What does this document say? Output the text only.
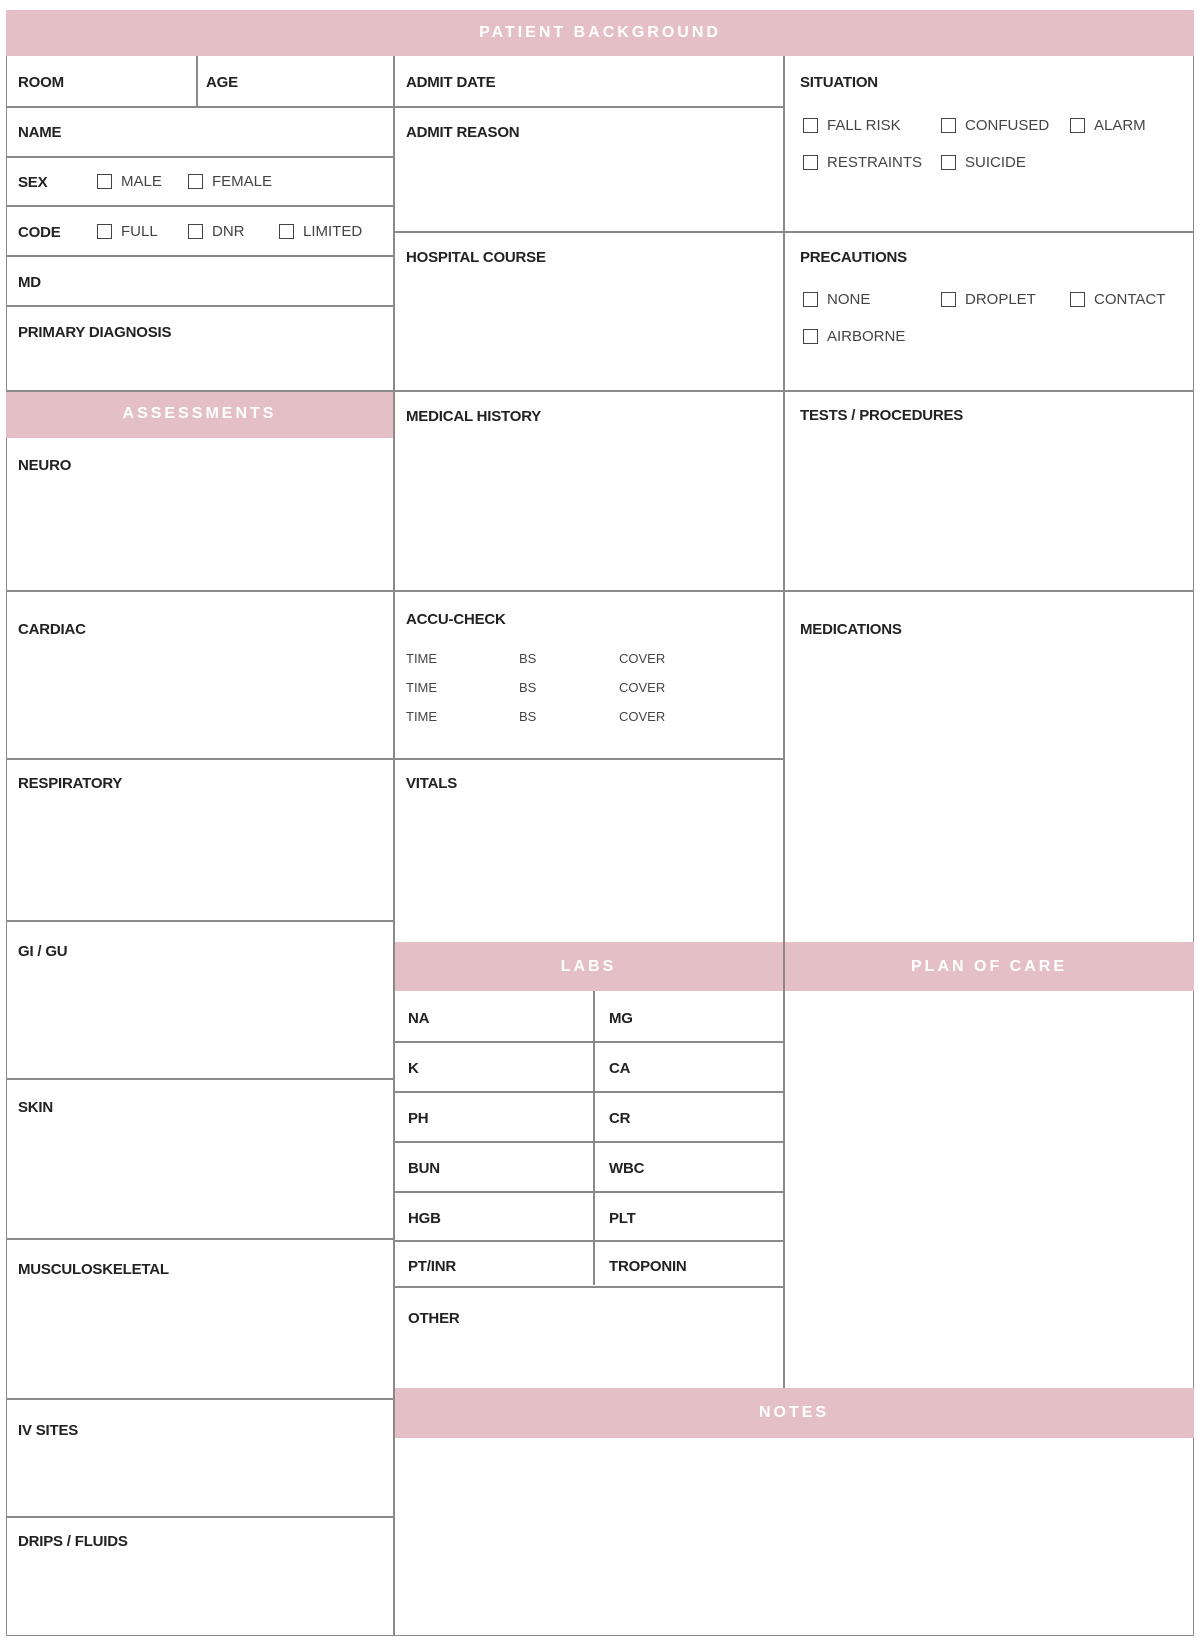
PATIENT BACKGROUND
ASSESSMENTS
LABS	PLAN OF CARE
NOTES
ROOM	AGE
NAME
SEX	MALE	FEMALE
CODE	FULL	DNR	LIMITED
MD
PRIMARY DIAGNOSIS
ADMIT DATE
ADMIT REASON
HOSPITAL COURSE
SITUATION
FALL RISK	CONFUSED	ALARM
RESTRAINTS	SUICIDE
PRECAUTIONS
NONE	DROPLET	CONTACT
AIRBORNE
NEURO
CARDIAC
RESPIRATORY
GI / GU
SKIN
MUSCULOSKELETAL
IV SITES
DRIPS / FLUIDS
MEDICAL HISTORY
ACCU-CHECK
TIME	BS	COVER
TIME	BS	COVER
TIME	BS	COVER
VITALS
TESTS / PROCEDURES
MEDICATIONS
NA	MG
K	CA
PH	CR
BUN	WBC
HGB	PLT
PT/INR	TROPONIN
OTHER
